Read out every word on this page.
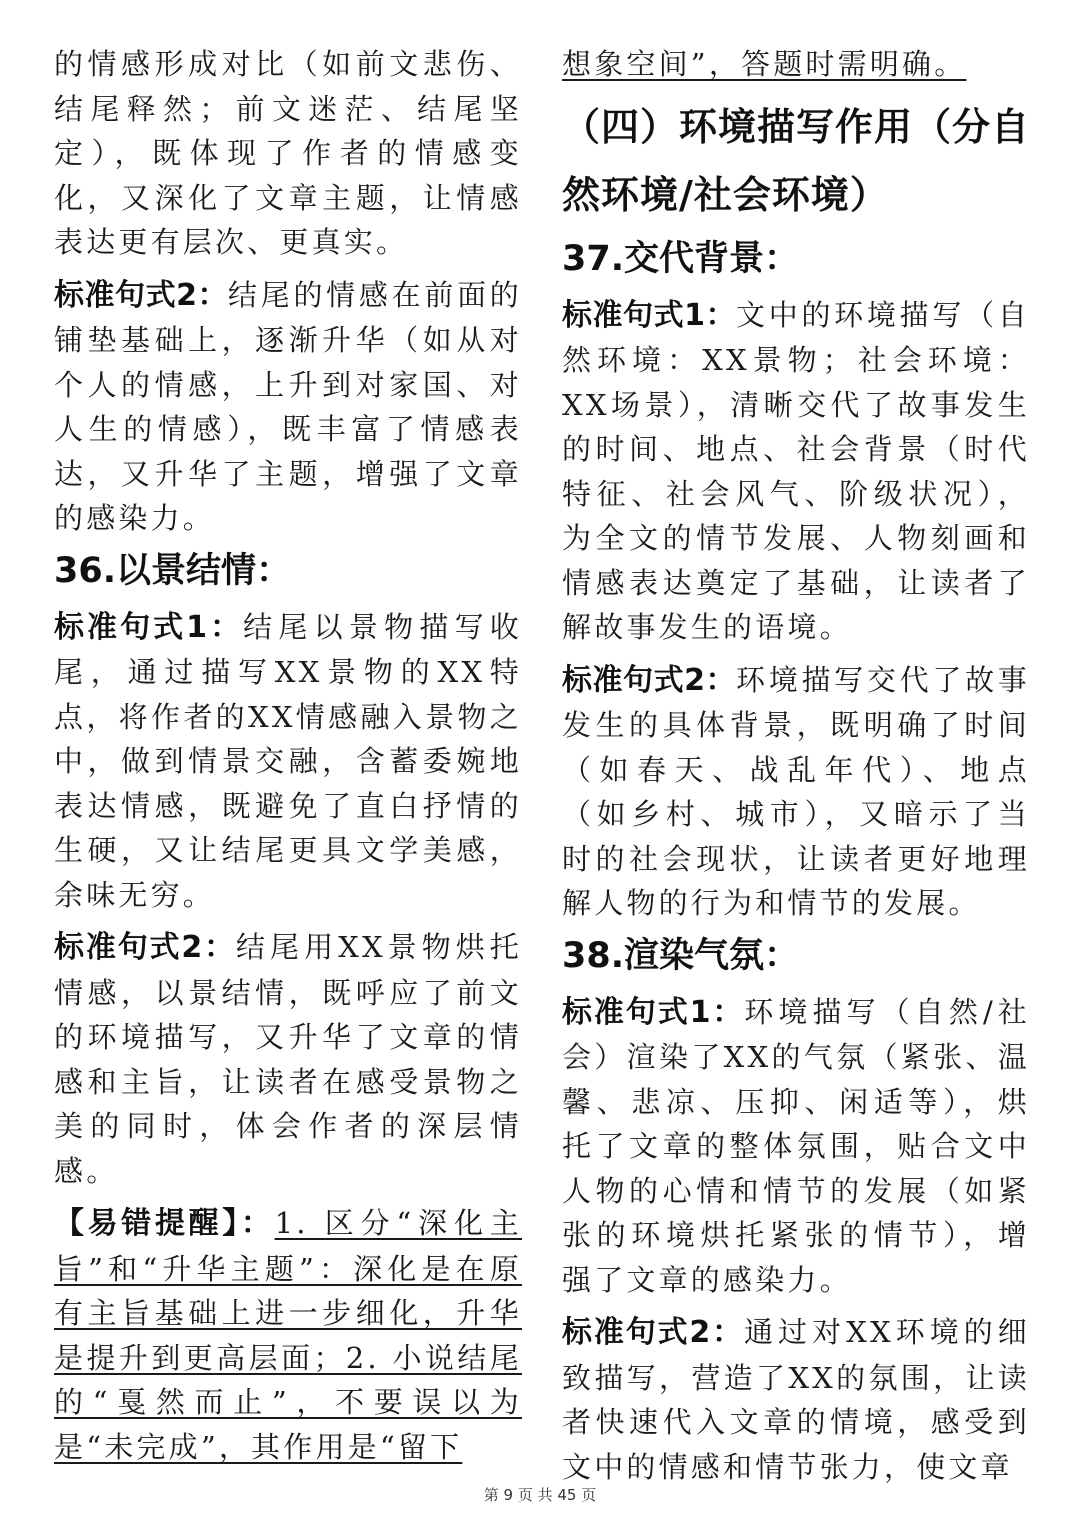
的情感形成对比（如前文悲伤、结尾释然；前文迷茫、结尾坚定），既体现了作者的情感变化，又深化了文章主题，让情感表达更有层次、更真实。

标准句式2：结尾的情感在前面的铺垫基础上，逐渐升华（如从对个人的情感，上升到对家国、对人生的情感），既丰富了情感表达，又升华了主题，增强了文章的感染力。

36.以景结情：

标准句式1：结尾以景物描写收尾，通过描写XX景物的XX特点，将作者的XX情感融入景物之中，做到情景交融，含蓄委婉地表达情感，既避免了直白抒情的生硬，又让结尾更具文学美感，余味无穷。

标准句式2：结尾用XX景物烘托情感，以景结情，既呼应了前文的环境描写，又升华了文章的情感和主旨，让读者在感受景物之美的同时，体会作者的深层情感。

【易错提醒】：1. 区分“深化主旨”和“升华主题”：深化是在原有主旨基础上进一步细化，升华是提升到更高层面；2. 小说结尾的“戛然而止”，不要误以为是“未完成”，其作用是“留下

想象空间”，答题时需明确。

（四）环境描写作用（分自然环境/社会环境）
37.交代背景：

标准句式1：文中的环境描写（自然环境：XX景物；社会环境：XX场景），清晰交代了故事发生的时间、地点、社会背景（时代特征、社会风气、阶级状况），为全文的情节发展、人物刻画和情感表达奠定了基础，让读者了解故事发生的语境。

标准句式2：环境描写交代了故事发生的具体背景，既明确了时间（如春天、战乱年代）、地点（如乡村、城市），又暗示了当时的社会现状，让读者更好地理解人物的行为和情节的发展。

38.渲染气氛：

标准句式1：环境描写（自然/社会）渲染了XX的气氛（紧张、温馨、悲凉、压抑、闲适等），烘托了文章的整体氛围，贴合文中人物的心情和情节的发展（如紧张的环境烘托紧张的情节），增强了文章的感染力。

标准句式2：通过对XX环境的细致描写，营造了XX的氛围，让读者快速代入文章的情境，感受到文中的情感和情节张力，使文章

第 9 页 共 45 页
